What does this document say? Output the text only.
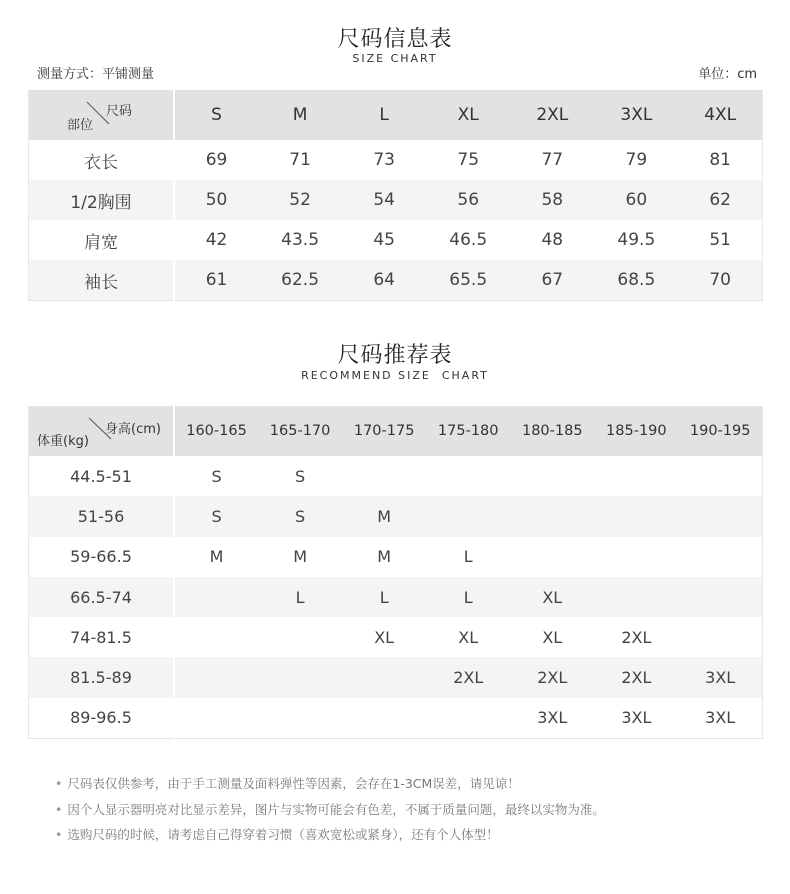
尺码信息表
SIZE CHART
测量方式：平铺测量	单位：cm
尺码
部位	S	M	L	XL	2XL	3XL	4XL
衣长	69	71	73	75	77	79	81
1/2胸围	50	52	54	56	58	60	62
肩宽	42	43.5	45	46.5	48	49.5	51
袖长	61	62.5	64	65.5	67	68.5	70
尺码推荐表
RECOMMEND SIZE  CHART
身高(cm)
体重(kg)	160-165	165-170	170-175	175-180	180-185	185-190	190-195
44.5-51	S	S					
51-56	S	S	M				
59-66.5	M	M	M	L			
66.5-74		L	L	L	XL		
74-81.5			XL	XL	XL	2XL	
81.5-89				2XL	2XL	2XL	3XL
89-96.5					3XL	3XL	3XL
• 尺码表仅供参考，由于手工测量及面料弹性等因素，会存在1-3CM误差，请见谅！
• 因个人显示器明亮对比显示差异，图片与实物可能会有色差，不属于质量问题，最终以实物为准。
• 选购尺码的时候，请考虑自己得穿着习惯（喜欢宽松或紧身），还有个人体型！
